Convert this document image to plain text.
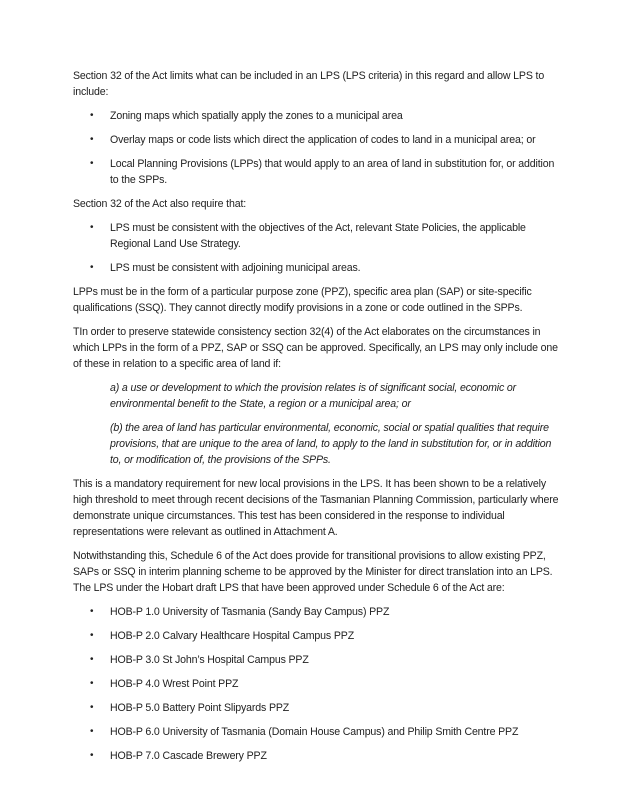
Section 32 of the Act limits what can be included in an LPS (LPS criteria) in this regard and allow LPS to include:

• Zoning maps which spatially apply the zones to a municipal area
• Overlay maps or code lists which direct the application of codes to land in a municipal area; or
• Local Planning Provisions (LPPs) that would apply to an area of land in substitution for, or addition to the SPPs.

Section 32 of the Act also require that:

• LPS must be consistent with the objectives of the Act, relevant State Policies, the applicable Regional Land Use Strategy.
• LPS must be consistent with adjoining municipal areas.

LPPs must be in the form of a particular purpose zone (PPZ), specific area plan (SAP) or site-specific qualifications (SSQ). They cannot directly modify provisions in a zone or code outlined in the SPPs.

TIn order to preserve statewide consistency section 32(4) of the Act elaborates on the circumstances in which LPPs in the form of a PPZ, SAP or SSQ can be approved. Specifically, an LPS may only include one of these in relation to a specific area of land if:

a) a use or development to which the provision relates is of significant social, economic or environmental benefit to the State, a region or a municipal area; or

(b) the area of land has particular environmental, economic, social or spatial qualities that require provisions, that are unique to the area of land, to apply to the land in substitution for, or in addition to, or modification of, the provisions of the SPPs.

This is a mandatory requirement for new local provisions in the LPS. It has been shown to be a relatively high threshold to meet through recent decisions of the Tasmanian Planning Commission, particularly where demonstrate unique circumstances. This test has been considered in the response to individual representations were relevant as outlined in Attachment A.

Notwithstanding this, Schedule 6 of the Act does provide for transitional provisions to allow existing PPZ, SAPs or SSQ in interim planning scheme to be approved by the Minister for direct translation into an LPS. The LPS under the Hobart draft LPS that have been approved under Schedule 6 of the Act are:

• HOB-P 1.0 University of Tasmania (Sandy Bay Campus) PPZ
• HOB-P 2.0 Calvary Healthcare Hospital Campus PPZ
• HOB-P 3.0 St John’s Hospital Campus PPZ
• HOB-P 4.0 Wrest Point PPZ
• HOB-P 5.0 Battery Point Slipyards PPZ
• HOB-P 6.0 University of Tasmania (Domain House Campus) and Philip Smith Centre PPZ
• HOB-P 7.0 Cascade Brewery PPZ
